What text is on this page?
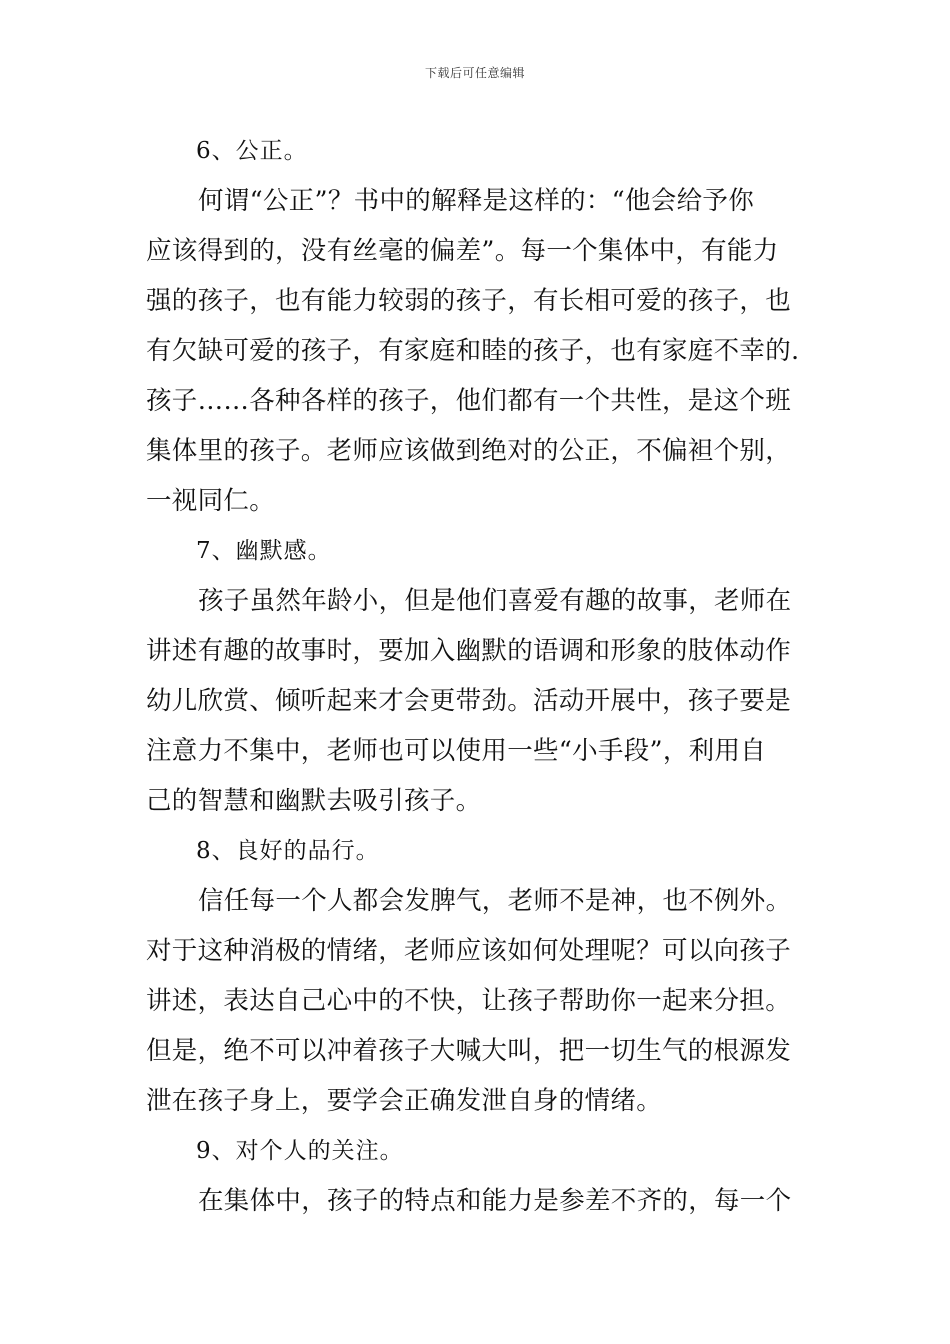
下载后可任意编辑
6、公正。
何谓“公正”？书中的解释是这样的：“他会给予你
应该得到的，没有丝毫的偏差”。每一个集体中，有能力
强的孩子，也有能力较弱的孩子，有长相可爱的孩子，也
有欠缺可爱的孩子，有家庭和睦的孩子，也有家庭不幸的.
孩子……各种各样的孩子，他们都有一个共性，是这个班
集体里的孩子。老师应该做到绝对的公正，不偏袒个别，
一视同仁。
7、幽默感。
孩子虽然年龄小，但是他们喜爱有趣的故事，老师在
讲述有趣的故事时，要加入幽默的语调和形象的肢体动作
幼儿欣赏、倾听起来才会更带劲。活动开展中，孩子要是
注意力不集中，老师也可以使用一些“小手段”，利用自
己的智慧和幽默去吸引孩子。
8、良好的品行。
信任每一个人都会发脾气，老师不是神，也不例外。
对于这种消极的情绪，老师应该如何处理呢？可以向孩子
讲述，表达自己心中的不快，让孩子帮助你一起来分担。
但是，绝不可以冲着孩子大喊大叫，把一切生气的根源发
泄在孩子身上，要学会正确发泄自身的情绪。
9、对个人的关注。
在集体中，孩子的特点和能力是参差不齐的，每一个
